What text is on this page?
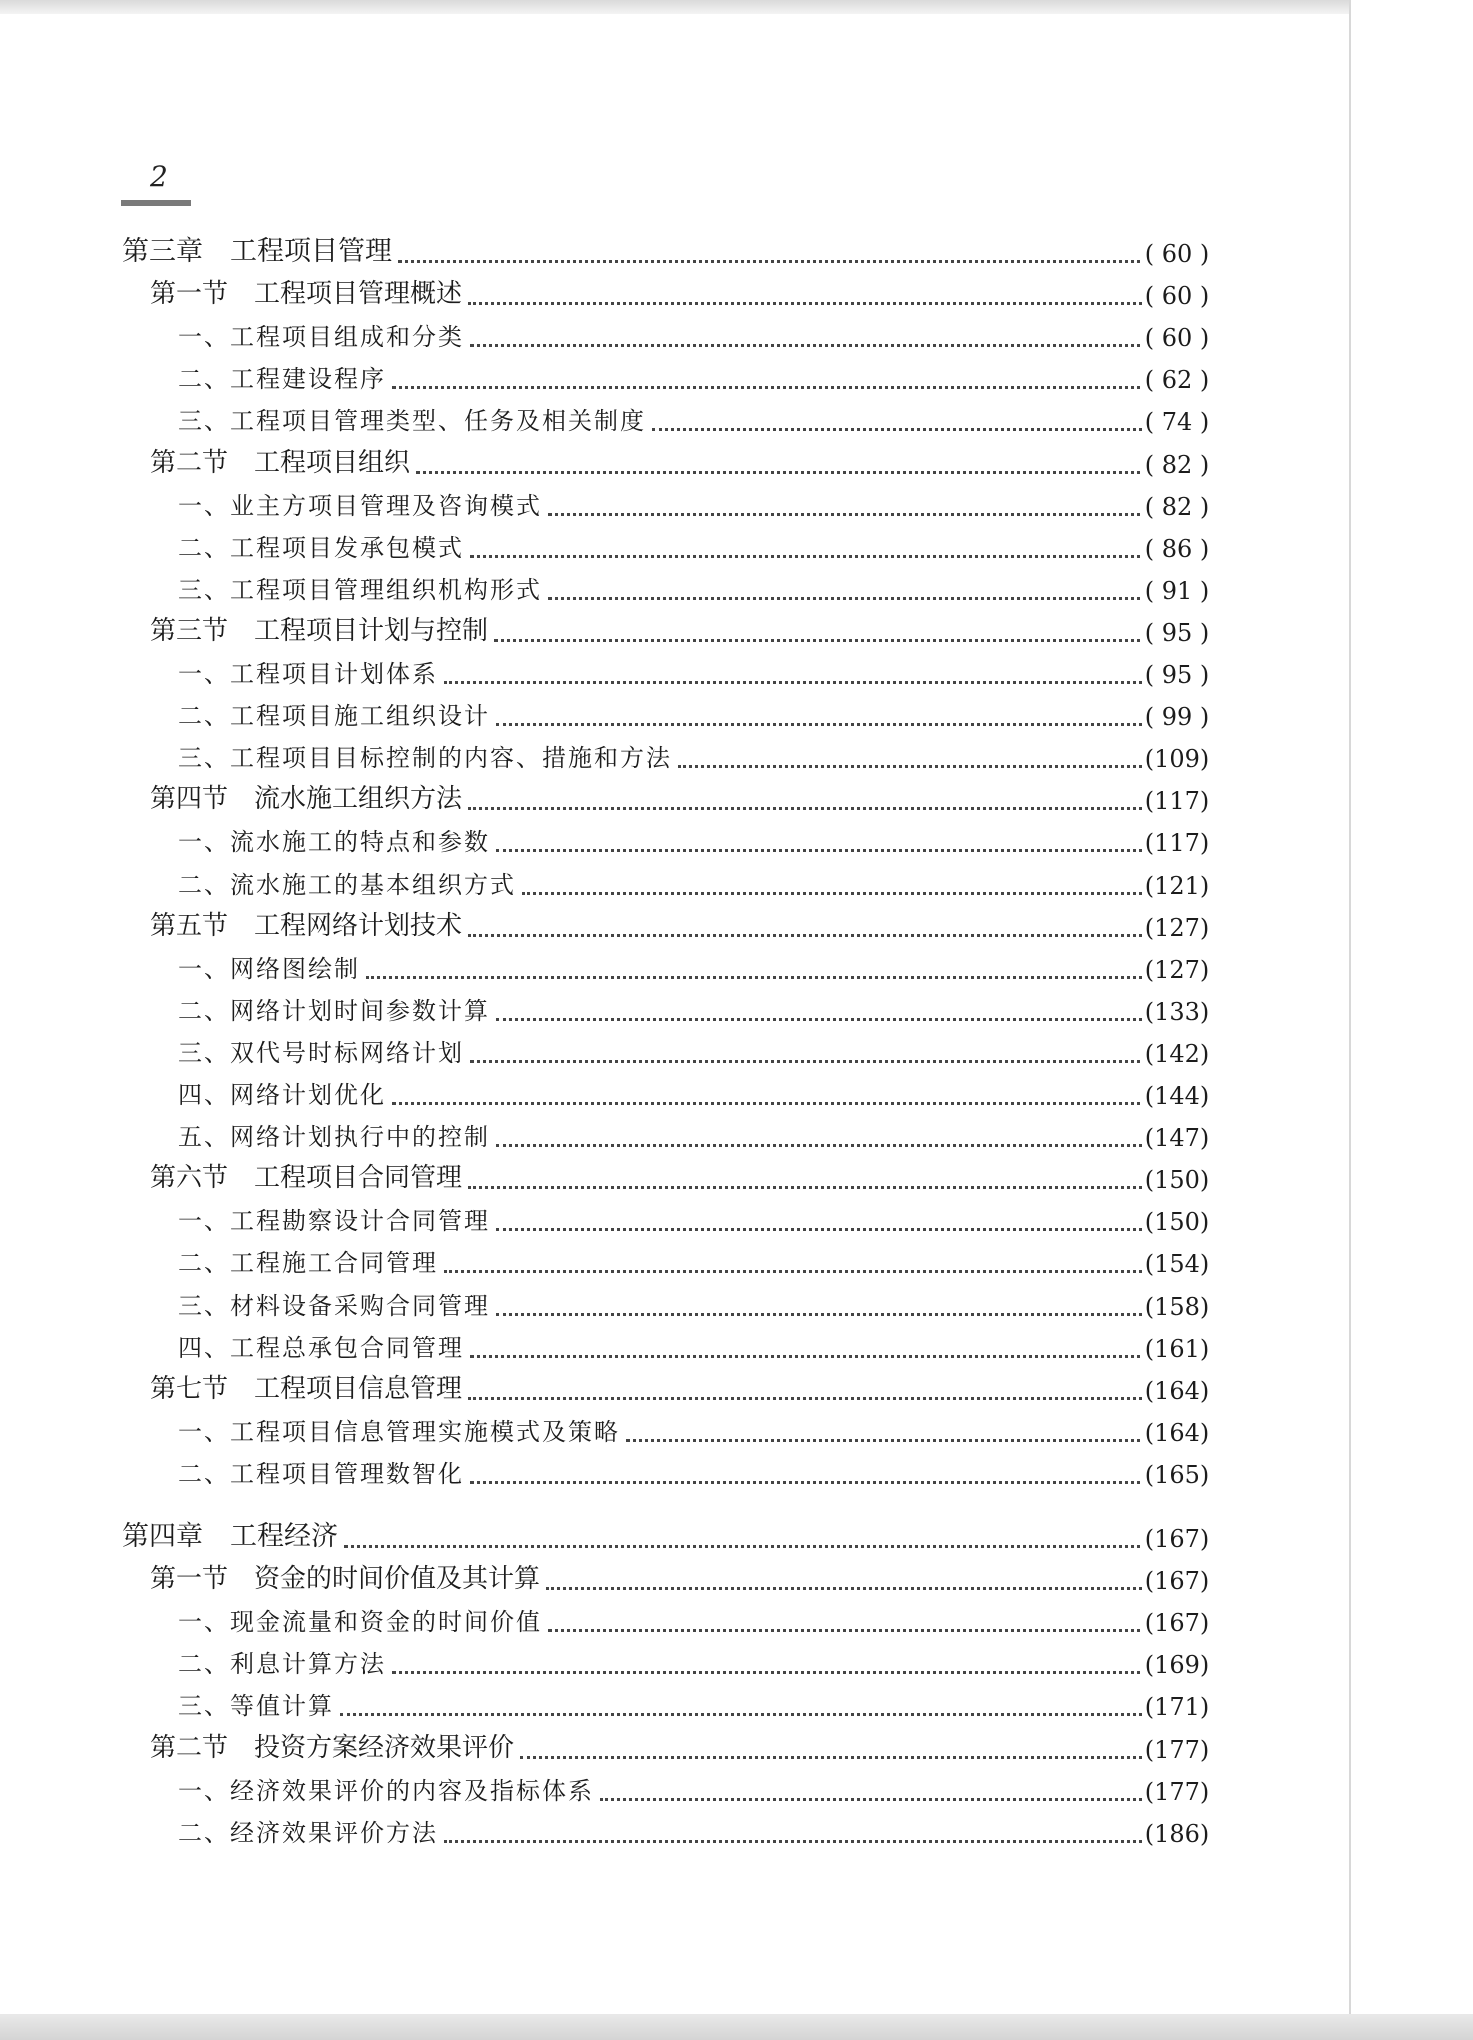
2
第三章　工程项目管理	( 60 )
第一节　工程项目管理概述	( 60 )
一、工程项目组成和分类	( 60 )
二、工程建设程序	( 62 )
三、工程项目管理类型、任务及相关制度	( 74 )
第二节　工程项目组织	( 82 )
一、业主方项目管理及咨询模式	( 82 )
二、工程项目发承包模式	( 86 )
三、工程项目管理组织机构形式	( 91 )
第三节　工程项目计划与控制	( 95 )
一、工程项目计划体系	( 95 )
二、工程项目施工组织设计	( 99 )
三、工程项目目标控制的内容、措施和方法	(109)
第四节　流水施工组织方法	(117)
一、流水施工的特点和参数	(117)
二、流水施工的基本组织方式	(121)
第五节　工程网络计划技术	(127)
一、网络图绘制	(127)
二、网络计划时间参数计算	(133)
三、双代号时标网络计划	(142)
四、网络计划优化	(144)
五、网络计划执行中的控制	(147)
第六节　工程项目合同管理	(150)
一、工程勘察设计合同管理	(150)
二、工程施工合同管理	(154)
三、材料设备采购合同管理	(158)
四、工程总承包合同管理	(161)
第七节　工程项目信息管理	(164)
一、工程项目信息管理实施模式及策略	(164)
二、工程项目管理数智化	(165)
第四章　工程经济	(167)
第一节　资金的时间价值及其计算	(167)
一、现金流量和资金的时间价值	(167)
二、利息计算方法	(169)
三、等值计算	(171)
第二节　投资方案经济效果评价	(177)
一、经济效果评价的内容及指标体系	(177)
二、经济效果评价方法	(186)
